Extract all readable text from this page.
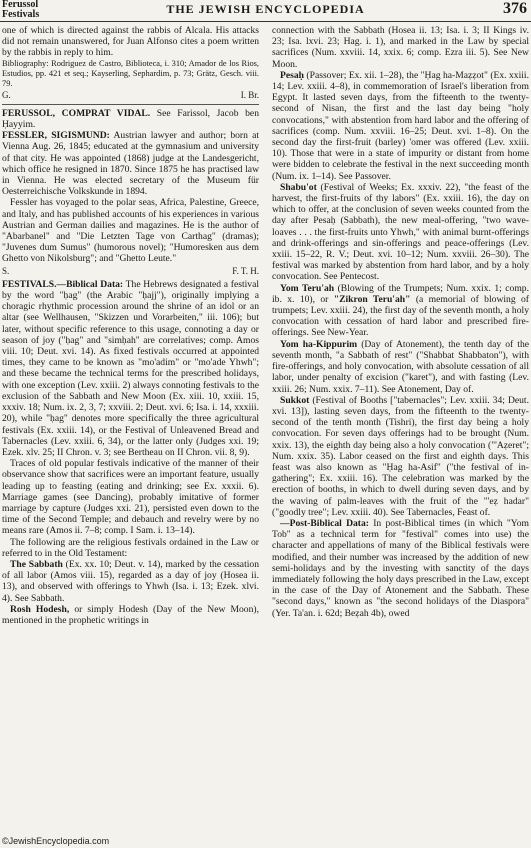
Ferussol
Festivals	THE JEWISH ENCYCLOPEDIA	376

one of which is directed against the rabbis of Alcala. His attacks did not remain unanswered, for Juan Alfonso cites a poem written by the rabbis in reply to him.

Bibliography: Rodriguez de Castro, Biblioteca, i. 310; Amador de los Rios, Estudios, pp. 421 et seq.; Kayserling, Sephardim, p. 73; Grätz, Gesch. viii. 79.

G.	I. Br.

FERUSSOL, COMPRAT VIDAL. See Farissol, Jacob ben Ḥayyim.

FESSLER, SIGISMUND: Austrian lawyer and author; born at Vienna Aug. 26, 1845; educated at the gymnasium and university of that city. He was appointed (1868) judge at the Landesgericht, which office he resigned in 1870. Since 1875 he has practised law in Vienna. He was elected secretary of the Museum für Oesterreichische Volkskunde in 1894.

Fessler has voyaged to the polar seas, Africa, Palestine, Greece, and Italy, and has published accounts of his experiences in various Austrian and German dailies and magazines. He is the author of "Abarbanel" and "Die Letzten Tage von Carthag" (dramas); "Juvenes dum Sumus" (humorous novel); "Humoresken aus dem Ghetto von Nikolsburg"; and "Ghetto Leute."

S.	F. T. H.

FESTIVALS.—Biblical Data: The Hebrews designated a festival by the word "ḥag" (the Arabic "ḥajj"), originally implying a choragic rhythmic procession around the shrine of an idol or an altar (see Wellhausen, "Skizzen und Vorarbeiten," iii. 106); but later, without specific reference to this usage, connoting a day or season of joy ("ḥag" and "simḥah" are correlatives; comp. Amos viii. 10; Deut. xvi. 14). As fixed festivals occurred at appointed times, they came to be known as "mo'adim" or "mo'ade Yhwh"; and these became the technical terms for the prescribed holidays, with one exception (Lev. xxiii. 2) always connoting festivals to the exclusion of the Sabbath and New Moon (Ex. xiii. 10, xxiii. 15, xxxiv. 18; Num. ix. 2, 3, 7; xxviii. 2; Deut. xvi. 6; Isa. i. 14, xxxiii. 20), while "ḥag" denotes more specifically the three agricultural festivals (Ex. xxiii. 14), or the Festival of Unleavened Bread and Tabernacles (Lev. xxiii. 6, 34), or the latter only (Judges xxi. 19; Ezek. xlv. 25; II Chron. v. 3; see Bertheau on II Chron. vii. 8, 9).

Traces of old popular festivals indicative of the manner of their observance show that sacrifices were an important feature, usually leading up to feasting (eating and drinking; see Ex. xxxii. 6). Marriage games (see Dancing), probably imitative of former marriage by capture (Judges xxi. 21), persisted even down to the time of the Second Temple; and debauch and revelry were by no means rare (Amos ii. 7–8; comp. I Sam. i. 13–14).

The following are the religious festivals ordained in the Law or referred to in the Old Testament:

The Sabbath (Ex. xx. 10; Deut. v. 14), marked by the cessation of all labor (Amos viii. 15), regarded as a day of joy (Hosea ii. 13), and observed with offerings to Yhwh (Isa. i. 13; Ezek. xlvi. 4). See Sabbath.

Rosh Hodesh, or simply Hodesh (Day of the New Moon), mentioned in the prophetic writings in

connection with the Sabbath (Hosea ii. 13; Isa. i. 3; II Kings iv. 23; Isa. lxvi. 23; Hag. i. 1), and marked in the Law by special sacrifices (Num. xxviii. 14, xxix. 6; comp. Ezra iii. 5). See New Moon.

Pesaḥ (Passover; Ex. xii. 1–28), the "Ḥag ha-Maẓẓot" (Ex. xxiii. 14; Lev. xxiii. 4–8), in commemoration of Israel's liberation from Egypt. It lasted seven days, from the fifteenth to the twenty-second of Nisan, the first and the last day being "holy convocations," with abstention from hard labor and the offering of sacrifices (comp. Num. xxviii. 16–25; Deut. xvi. 1–8). On the second day the first-fruit (barley) 'omer was offered (Lev. xxiii. 10). Those that were in a state of impurity or distant from home were bidden to celebrate the festival in the next succeeding month (Num. ix. 1–14). See Passover.

Shabu'ot (Festival of Weeks; Ex. xxxiv. 22), "the feast of the harvest, the first-fruits of thy labors" (Ex. xxiii. 16), the day on which to offer, at the conclusion of seven weeks counted from the day after Pesaḥ (Sabbath), the new meal-offering, "two wave-loaves . . . the first-fruits unto Yhwh," with animal burnt-offerings and drink-offerings and sin-offerings and peace-offerings (Lev. xxiii. 15–22, R. V.; Deut. xvi. 10–12; Num. xxviii. 26–30). The festival was marked by abstention from hard labor, and by a holy convocation. See Pentecost.

Yom Teru'ah (Blowing of the Trumpets; Num. xxix. 1; comp. ib. x. 10), or "Zikron Teru'ah" (a memorial of blowing of trumpets; Lev. xxiii. 24), the first day of the seventh month, a holy convocation with cessation of hard labor and prescribed fire-offerings. See New-Year.

Yom ha-Kippurim (Day of Atonement), the tenth day of the seventh month, "a Sabbath of rest" ("Shabbat Shabbaton"), with fire-offerings, and holy convocation, with absolute cessation of all labor, under penalty of excision ("karet"), and with fasting (Lev. xxiii. 26; Num. xxix. 7–11). See Atonement, Day of.

Sukkot (Festival of Booths ["tabernacles"; Lev. xxiii. 34; Deut. xvi. 13]), lasting seven days, from the fifteenth to the twenty-second of the tenth month (Tishri), the first day being a holy convocation. For seven days offerings had to be brought (Num. xxix. 13), the eighth day being also a holy convocation ("'Aẓeret"; Num. xxix. 35). Labor ceased on the first and eighth days. This feast was also known as "Ḥag ha-Asif" ("the festival of in-gathering"; Ex. xxiii. 16). The celebration was marked by the erection of booths, in which to dwell during seven days, and by the waving of palm-leaves with the fruit of the "'eẓ hadar" ("goodly tree"; Lev. xxiii. 40). See Tabernacles, Feast of.

—Post-Biblical Data: In post-Biblical times (in which "Yom Tob" as a technical term for "festival" comes into use) the character and appellations of many of the Biblical festivals were modified, and their number was increased by the addition of new semi-holidays and by the investing with sanctity of the days immediately following the holy days prescribed in the Law, except in the case of the Day of Atonement and the Sabbath. These "second days," known as "the second holidays of the Diaspora" (Yer. Ta'an. i. 62d; Beẓah 4b), owed

©JewishEncyclopedia.com
